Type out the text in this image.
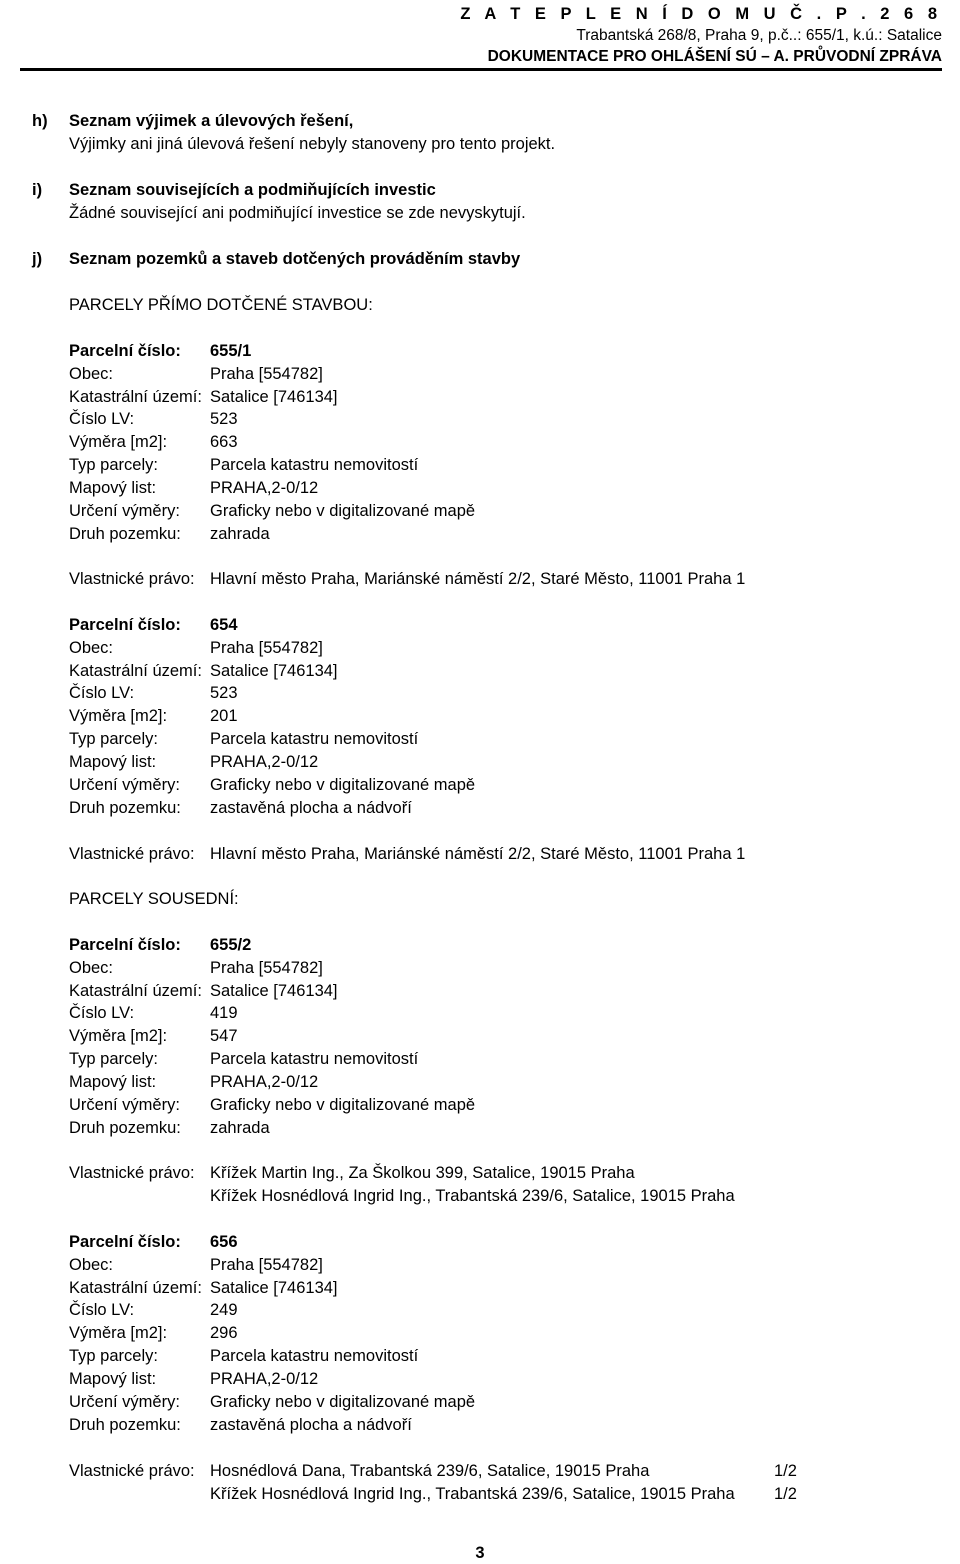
Z A T E P L E N Í D O M U Č . P . 2 6 8
Trabantská 268/8, Praha 9, p.č..: 655/1, k.ú.: Satalice
DOKUMENTACE PRO OHLÁŠENÍ SÚ – A. PRŮVODNÍ ZPRÁVA
h) Seznam výjimek a úlevových řešení,
Výjimky ani jiná úlevová řešení nebyly stanoveny pro tento projekt.
i) Seznam souvisejících a podmiňujících investic
Žádné související ani podmiňující investice se zde nevyskytují.
j) Seznam pozemků a staveb dotčených prováděním stavby
PARCELY PŘÍMO DOTČENÉ STAVBOU:
Parcelní číslo: 655/1
Obec:	Praha [554782]
Katastrální území: Satalice [746134]
Číslo LV:	523
Výměra [m2]:	663
Typ parcely:	Parcela katastru nemovitostí
Mapový list:	PRAHA,2-0/12
Určení výměry: Graficky nebo v digitalizované mapě
Druh pozemku: zahrada
Vlastnické právo: Hlavní město Praha, Mariánské náměstí 2/2, Staré Město, 11001 Praha 1
Parcelní číslo: 654
Obec:	Praha [554782]
Katastrální území: Satalice [746134]
Číslo LV:	523
Výměra [m2]:	201
Typ parcely:	Parcela katastru nemovitostí
Mapový list:	PRAHA,2-0/12
Určení výměry: Graficky nebo v digitalizované mapě
Druh pozemku: zastavěná plocha a nádvoří
Vlastnické právo: Hlavní město Praha, Mariánské náměstí 2/2, Staré Město, 11001 Praha 1
PARCELY SOUSEDNÍ:
Parcelní číslo: 655/2
Obec:	Praha [554782]
Katastrální území: Satalice [746134]
Číslo LV:	419
Výměra [m2]:	547
Typ parcely:	Parcela katastru nemovitostí
Mapový list:	PRAHA,2-0/12
Určení výměry: Graficky nebo v digitalizované mapě
Druh pozemku: zahrada
Vlastnické právo: Křížek Martin Ing., Za Školkou 399, Satalice, 19015 Praha
Křížek Hosnédlová Ingrid Ing., Trabantská 239/6, Satalice, 19015 Praha
Parcelní číslo: 656
Obec:	Praha [554782]
Katastrální území: Satalice [746134]
Číslo LV:	249
Výměra [m2]:	296
Typ parcely:	Parcela katastru nemovitostí
Mapový list:	PRAHA,2-0/12
Určení výměry: Graficky nebo v digitalizované mapě
Druh pozemku: zastavěná plocha a nádvoří
Vlastnické právo: Hosnédlová Dana, Trabantská 239/6, Satalice, 19015 Praha	1/2
Křížek Hosnédlová Ingrid Ing., Trabantská 239/6, Satalice, 19015 Praha 1/2
3
